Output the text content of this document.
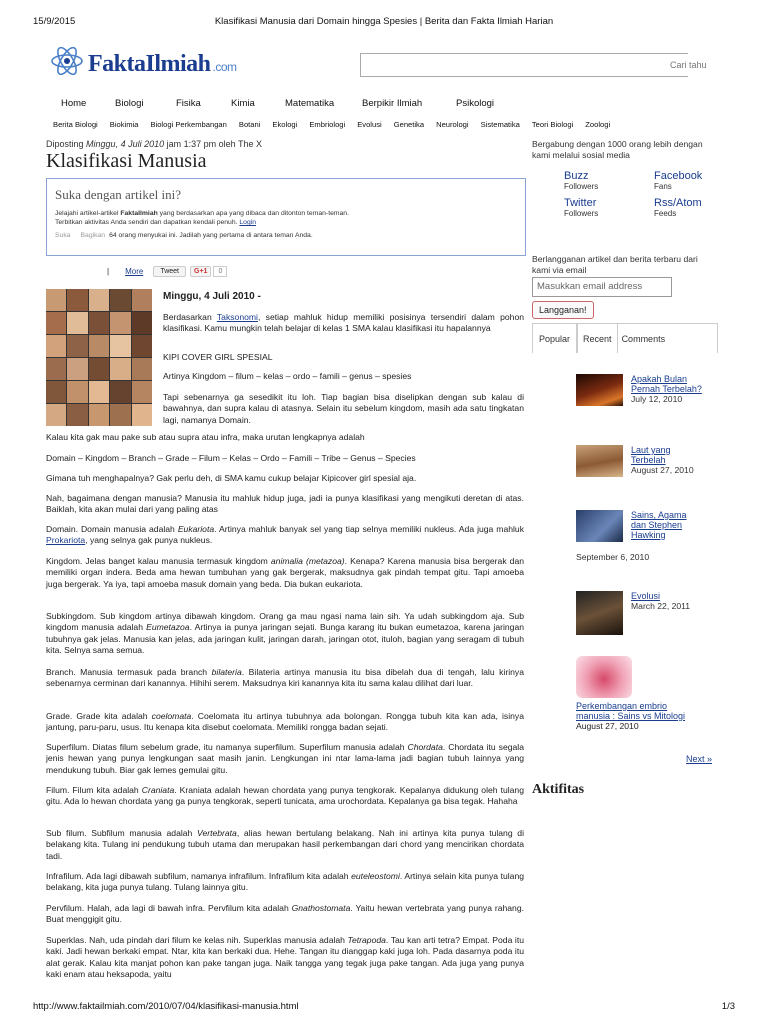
15/9/2015	Klasifikasi Manusia dari Domain hingga Spesies | Berita dan Fakta Ilmiah Harian
FaktaIlmiah .com	Cari tahu
Home	Biologi	Fisika	Kimia	Matematika	Berpikir Ilmiah	Psikologi
Berita Biologi Biokimia Biologi Perkembangan Botani Ekologi Embriologi Evolusi Genetika Neurologi Sistematika Teori Biologi Zoologi
Diposting Minggu, 4 Juli 2010 jam 1:37 pm oleh The X
Klasifikasi Manusia
Suka dengan artikel ini?
Jelajahi artikel-artikel FaktaIlmiah yang berdasarkan apa yang dibaca dan ditonton teman-teman.
Terbitkan aktivitas Anda sendiri dan dapatkan kendali penuh. Login
Suka Bagikan 64 orang menyukai ini. Jadilah yang pertama di antara teman Anda.
| More	Tweet	G+1	0
Minggu, 4 Juli 2010 -
Berdasarkan Taksonomi, setiap mahluk hidup memiliki posisinya tersendiri dalam pohon klasifikasi. Kamu mungkin telah belajar di kelas 1 SMA kalau klasifikasi itu hapalannya
KIPI COVER GIRL SPESIAL
Artinya Kingdom – filum – kelas – ordo – famili – genus – spesies
Tapi sebenarnya ga sesedikit itu loh. Tiap bagian bisa diselipkan dengan sub kalau di bawahnya, dan supra kalau di atasnya. Selain itu sebelum kingdom, masih ada satu tingkatan lagi, namanya Domain.
Kalau kita gak mau pake sub atau supra atau infra, maka urutan lengkapnya adalah
Domain – Kingdom – Branch – Grade – Filum – Kelas – Ordo – Famili – Tribe – Genus – Species
Gimana tuh menghapalnya? Gak perlu deh, di SMA kamu cukup belajar Kipicover girl spesial aja.
Nah, bagaimana dengan manusia? Manusia itu mahluk hidup juga, jadi ia punya klasifikasi yang mengikuti deretan di atas. Baiklah, kita akan mulai dari yang paling atas
Domain. Domain manusia adalah Eukariota. Artinya mahluk banyak sel yang tiap selnya memiliki nukleus. Ada juga mahluk Prokariota, yang selnya gak punya nukleus.
Kingdom. Jelas banget kalau manusia termasuk kingdom animalia (metazoa). Kenapa? Karena manusia bisa bergerak dan memiliki organ indera. Beda ama hewan tumbuhan yang gak bergerak, maksudnya gak pindah tempat gitu. Tapi amoeba juga bergerak. Ya iya, tapi amoeba masuk domain yang beda. Dia bukan eukariota.
Subkingdom. Sub kingdom artinya dibawah kingdom. Orang ga mau ngasi nama lain sih. Ya udah subkingdom aja. Sub kingdom manusia adalah Eumetazoa. Artinya ia punya jaringan sejati. Bunga karang itu bukan eumetazoa, karena jaringan tubuhnya gak jelas. Manusia kan jelas, ada jaringan kulit, jaringan darah, jaringan otot, ituloh, bagian yang seragam di tubuh kita. Selnya sama semua.
Branch. Manusia termasuk pada branch bilateria. Bilateria artinya manusia itu bisa dibelah dua di tengah, lalu kirinya sebenarnya cerminan dari kanannya. Hihihi serem. Maksudnya kiri kanannya kita itu sama kalau dilihat dari luar.
Grade. Grade kita adalah coelomata. Coelomata itu artinya tubuhnya ada bolongan. Rongga tubuh kita kan ada, isinya jantung, paru-paru, usus. Itu kenapa kita disebut coelomata. Memiliki rongga badan sejati.
Superfilum. Diatas filum sebelum grade, itu namanya superfilum. Superfilum manusia adalah Chordata. Chordata itu segala jenis hewan yang punya lengkungan saat masih janin. Lengkungan ini ntar lama-lama jadi bagian tubuh lainnya yang mendukung tubuh. Biar gak lemes gemulai gitu.
Filum. Filum kita adalah Craniata. Kraniata adalah hewan chordata yang punya tengkorak. Kepalanya didukung oleh tulang gitu. Ada lo hewan chordata yang ga punya tengkorak, seperti tunicata, ama urochordata. Kepalanya ga bisa tegak. Hahaha
Sub filum. Subfilum manusia adalah Vertebrata, alias hewan bertulang belakang. Nah ini artinya kita punya tulang di belakang kita. Tulang ini pendukung tubuh utama dan merupakan hasil perkembangan dari chord yang mencirikan chordata tadi.
Infrafilum. Ada lagi dibawah subfilum, namanya infrafilum. Infrafilum kita adalah euteleostomi. Artinya selain kita punya tulang belakang, kita juga punya tulang. Tulang lainnya gitu.
Pervfilum. Halah, ada lagi di bawah infra. Pervfilum kita adalah Gnathostomata. Yaitu hewan vertebrata yang punya rahang. Buat menggigit gitu.
Superklas. Nah, uda pindah dari filum ke kelas nih. Superklas manusia adalah Tetrapoda. Tau kan arti tetra? Empat. Poda itu kaki. Jadi hewan berkaki empat. Ntar, kita kan berkaki dua. Hehe. Tangan itu dianggap kaki juga loh. Pada dasarnya poda itu alat gerak. Kalau kita manjat pohon kan pake tangan juga. Naik tangga yang tegak juga pake tangan. Ada juga yang punya kaki enam atau heksapoda, yaitu
Bergabung dengan 1000 orang lebih dengan kami melalui sosial media
Buzz
Followers
Facebook
Fans
Twitter
Followers
Rss/Atom
Feeds
Berlangganan artikel dan berita terbaru dari kami via email
Masukkan email address
Langganan!
Popular	Recent	Comments
Apakah Bulan Pernah Terbelah?
July 12, 2010
Laut yang Terbelah
August 27, 2010
Sains, Agama dan Stephen Hawking
September 6, 2010
Evolusi
March 22, 2011
Perkembangan embrio manusia : Sains vs Mitologi
August 27, 2010
Next »
Aktifitas
http://www.faktailmiah.com/2010/07/04/klasifikasi-manusia.html	1/3
